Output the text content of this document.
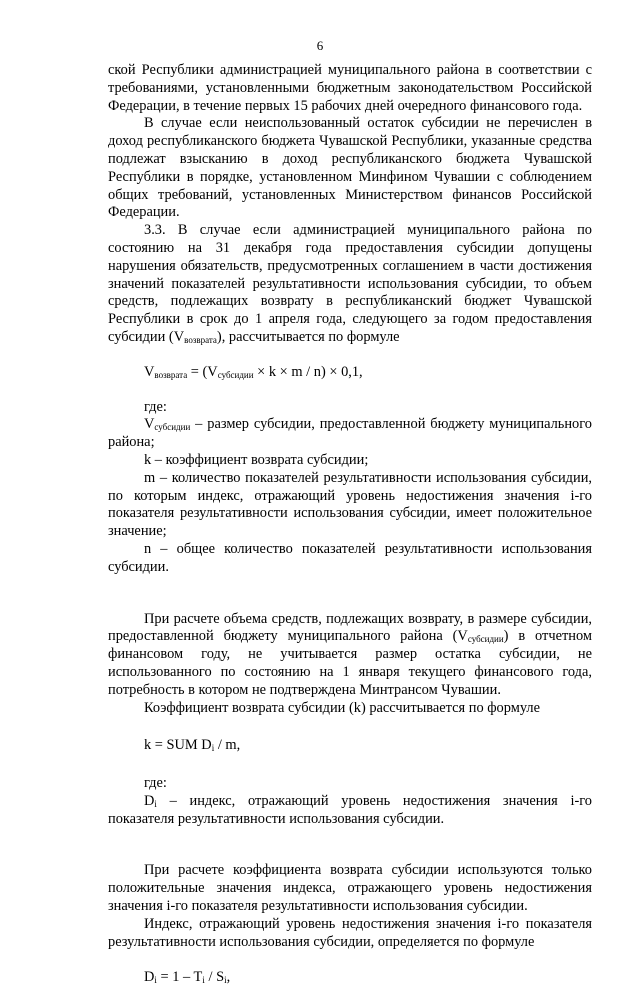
6

ской Республики администрацией муниципального района в соответствии с требованиями, установленными бюджетным законодательством Российской Федерации, в течение первых 15 рабочих дней очередного финансового года.

В случае если неиспользованный остаток субсидии не перечислен в доход республиканского бюджета Чувашской Республики, указанные средства подлежат взысканию в доход республиканского бюджета Чувашской Республики в порядке, установленном Минфином Чувашии с соблюдением общих требований, установленных Министерством финансов Российской Федерации.

3.3. В случае если администрацией муниципального района по состоянию на 31 декабря года предоставления субсидии допущены нарушения обязательств, предусмотренных соглашением в части достижения значений показателей результативности использования субсидии, то объем средств, подлежащих возврату в республиканский бюджет Чувашской Республики в срок до 1 апреля года, следующего за годом предоставления субсидии $(V_{возврата})$, рассчитывается по формуле

$V_{возврата} = (V_{субсидии} \times k \times m / n) \times 0,1$,

где:

$V_{субсидии}$ – размер субсидии, предоставленной бюджету муниципального района;

k – коэффициент возврата субсидии;

m – количество показателей результативности использования субсидии, по которым индекс, отражающий уровень недостижения значения i-го показателя результативности использования субсидии, имеет положительное значение;

n – общее количество показателей результативности использования субсидии.

При расчете объема средств, подлежащих возврату, в размере субсидии, предоставленной бюджету муниципального района $(V_{субсидии})$ в отчетном финансовом году, не учитывается размер остатка субсидии, не использованного по состоянию на 1 января текущего финансового года, потребность в котором не подтверждена Минтрансом Чувашии.

Коэффициент возврата субсидии (k) рассчитывается по формуле

k = SUM $D_i$ / m,

где:

$D_i$ – индекс, отражающий уровень недостижения значения i-го показателя результативности использования субсидии.

При расчете коэффициента возврата субсидии используются только положительные значения индекса, отражающего уровень недостижения значения i-го показателя результативности использования субсидии.

Индекс, отражающий уровень недостижения значения i-го показателя результативности использования субсидии, определяется по формуле

$D_i = 1 - T_i / S_i$,
